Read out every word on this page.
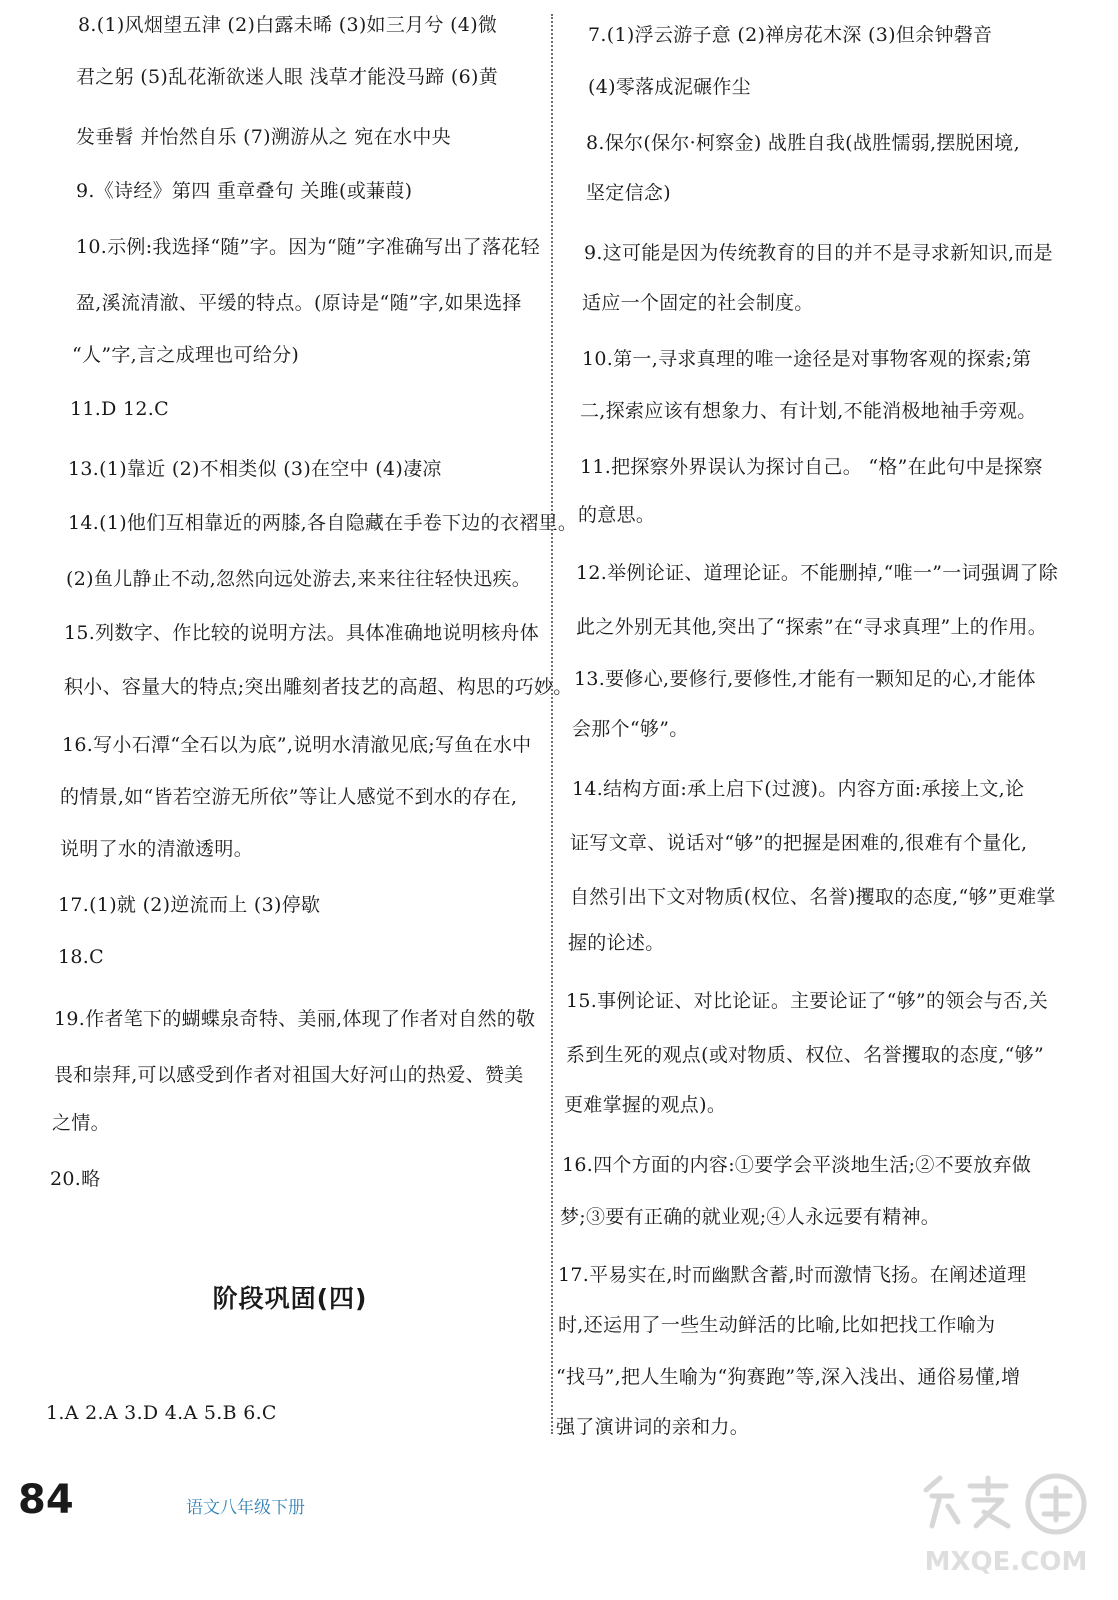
8.(1)风烟望五津 (2)白露未晞 (3)如三月兮 (4)微
君之躬 (5)乱花渐欲迷人眼 浅草才能没马蹄 (6)黄
发垂髫 并怡然自乐 (7)溯游从之 宛在水中央
9.《诗经》第四 重章叠句 关雎(或蒹葭)
10.示例:我选择“随”字。因为“随”字准确写出了落花轻
盈,溪流清澈、平缓的特点。(原诗是“随”字,如果选择
“人”字,言之成理也可给分)
11.D 12.C
13.(1)靠近 (2)不相类似 (3)在空中 (4)凄凉
14.(1)他们互相靠近的两膝,各自隐藏在手卷下边的衣褶里。
(2)鱼儿静止不动,忽然向远处游去,来来往往轻快迅疾。
15.列数字、作比较的说明方法。具体准确地说明核舟体
积小、容量大的特点;突出雕刻者技艺的高超、构思的巧妙。
16.写小石潭“全石以为底”,说明水清澈见底;写鱼在水中
的情景,如“皆若空游无所依”等让人感觉不到水的存在,
说明了水的清澈透明。
17.(1)就 (2)逆流而上 (3)停歇
18.C
19.作者笔下的蝴蝶泉奇特、美丽,体现了作者对自然的敬
畏和崇拜,可以感受到作者对祖国大好河山的热爱、赞美
之情。
20.略
1.A 2.A 3.D 4.A 5.B 6.C
阶段巩固(四)
7.(1)浮云游子意 (2)禅房花木深 (3)但余钟磬音
(4)零落成泥碾作尘
8.保尔(保尔·柯察金) 战胜自我(战胜懦弱,摆脱困境,
坚定信念)
9.这可能是因为传统教育的目的并不是寻求新知识,而是
适应一个固定的社会制度。
10.第一,寻求真理的唯一途径是对事物客观的探索;第
二,探索应该有想象力、有计划,不能消极地袖手旁观。
11.把探察外界误认为探讨自己。 “格”在此句中是探察
的意思。
12.举例论证、道理论证。不能删掉,“唯一”一词强调了除
此之外别无其他,突出了“探索”在“寻求真理”上的作用。
13.要修心,要修行,要修性,才能有一颗知足的心,才能体
会那个“够”。
14.结构方面:承上启下(过渡)。内容方面:承接上文,论
证写文章、说话对“够”的把握是困难的,很难有个量化,
自然引出下文对物质(权位、名誉)攫取的态度,“够”更难掌
握的论述。
15.事例论证、对比论证。主要论证了“够”的领会与否,关
系到生死的观点(或对物质、权位、名誉攫取的态度,“够”
更难掌握的观点)。
16.四个方面的内容:①要学会平淡地生活;②不要放弃做
梦;③要有正确的就业观;④人永远要有精神。
17.平易实在,时而幽默含蓄,时而激情飞扬。在阐述道理
时,还运用了一些生动鲜活的比喻,比如把找工作喻为
“找马”,把人生喻为“狗赛跑”等,深入浅出、通俗易懂,增
强了演讲词的亲和力。
84	语文八年级下册
MXQE.COM
